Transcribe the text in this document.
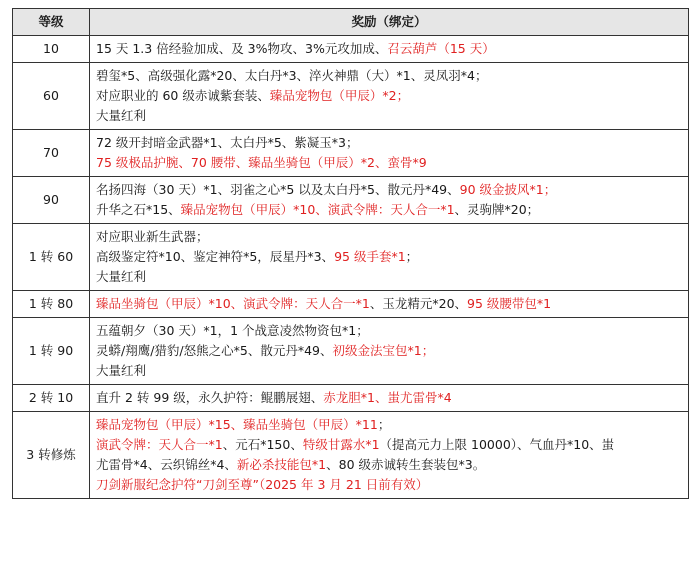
等级	奖励（绑定）
10	15 天 1.3 倍经验加成、及 3%物攻、3%元攻加成、召云葫芦（15 天）

60	碧玺*5、高级强化露*20、太白丹*3、淬火神鼎（大）*1、灵凤羽*4；
对应职业的 60 级赤诚紫套装、臻品宠物包（甲辰）*2；
大量红利

70	72 级开封暗金武器*1、太白丹*5、紫凝玉*3；
75 级极品护腕、70 腰带、臻品坐骑包（甲辰）*2、蛮骨*9

90	名扬四海（30 天）*1、羽雀之心*5 以及太白丹*5、散元丹*49、90 级金披风*1；
升华之石*15、臻品宠物包（甲辰）*10、演武令牌：天人合一*1、灵驹牌*20；

1 转 60	对应职业新生武器；
高级鉴定符*10、鉴定神符*5，辰星丹*3、95 级手套*1；
大量红利

1 转 80	臻品坐骑包（甲辰）*10、演武令牌：天人合一*1、玉龙精元*20、95 级腰带包*1

1 转 90	五蕴朝夕（30 天）*1，1 个战意凌然物资包*1；
灵蟒/翔鹰/猎豹/怒熊之心*5、散元丹*49、初级金法宝包*1；
大量红利

2 转 10	直升 2 转 99 级，永久护符：鲲鹏展翅、赤龙胆*1、蚩尤雷骨*4

3 转修炼	臻品宠物包（甲辰）*15、臻品坐骑包（甲辰）*11；
演武令牌：天人合一*1、元石*150、特级甘露水*1（提高元力上限 10000）、气血丹*10、蚩
尤雷骨*4、云织锦丝*4、新必杀技能包*1、80 级赤诚转生套装包*3。
刀剑新服纪念护符“刀剑至尊”（2025 年 3 月 21 日前有效）
